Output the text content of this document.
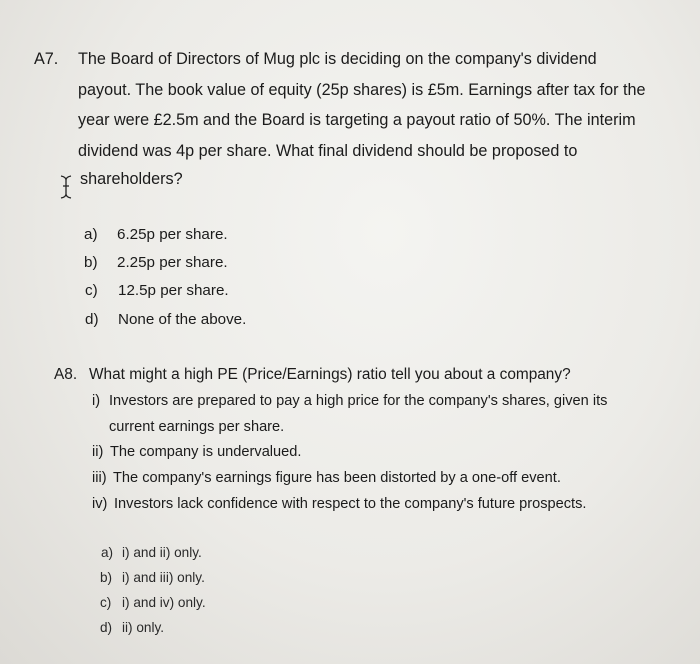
A7. The Board of Directors of Mug plc is deciding on the company's dividend
payout. The book value of equity (25p shares) is £5m. Earnings after tax for the
year were £2.5m and the Board is targeting a payout ratio of 50%. The interim
dividend was 4p per share. What final dividend should be proposed to
shareholders?
a) 6.25p per share.
b) 2.25p per share.
c) 12.5p per share.
d) None of the above.
A8. What might a high PE (Price/Earnings) ratio tell you about a company?
i) Investors are prepared to pay a high price for the company's shares, given its
current earnings per share.
ii) The company is undervalued.
iii) The company's earnings figure has been distorted by a one-off event.
iv) Investors lack confidence with respect to the company's future prospects.
a) i) and ii) only.
b) i) and iii) only.
c) i) and iv) only.
d) ii) only.
